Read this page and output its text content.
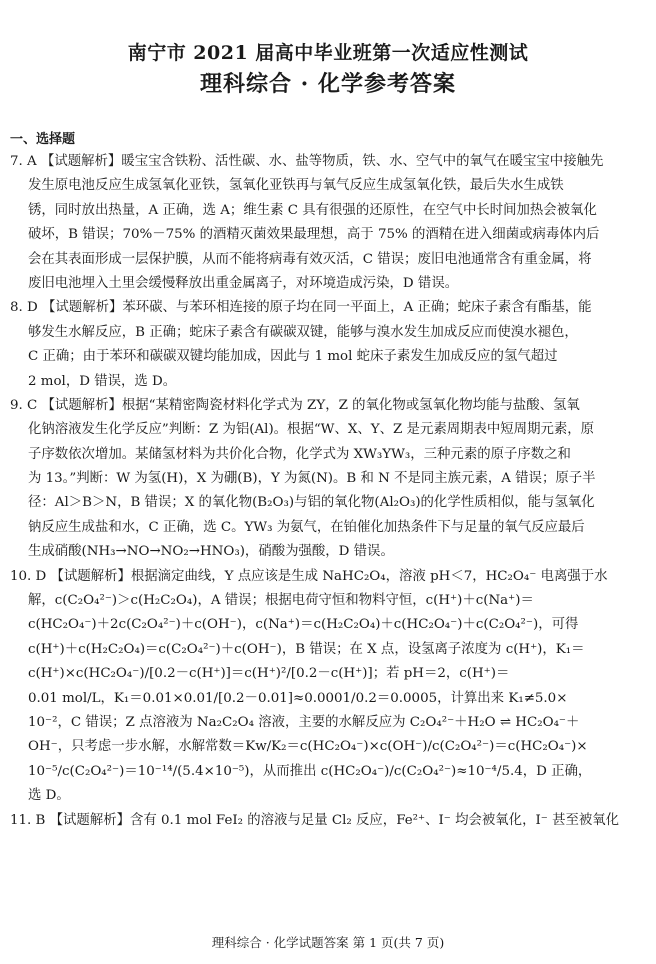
南宁市 2021 届高中毕业班第一次适应性测试
理科综合 · 化学参考答案
一、选择题
7. A 【试题解析】暖宝宝含铁粉、活性碳、水、盐等物质，铁、水、空气中的氧气在暖宝宝中接触先
发生原电池反应生成氢氧化亚铁，氢氧化亚铁再与氧气反应生成氢氧化铁，最后失水生成铁
锈，同时放出热量，A 正确，选 A；维生素 C 具有很强的还原性，在空气中长时间加热会被氧化
破坏，B 错误；70%－75% 的酒精灭菌效果最理想，高于 75% 的酒精在进入细菌或病毒体内后
会在其表面形成一层保护膜，从而不能将病毒有效灭活，C 错误；废旧电池通常含有重金属，将
废旧电池埋入土里会缓慢释放出重金属离子，对环境造成污染，D 错误。
8. D 【试题解析】苯环碳、与苯环相连接的原子均在同一平面上，A 正确；蛇床子素含有酯基，能
够发生水解反应，B 正确；蛇床子素含有碳碳双键，能够与溴水发生加成反应而使溴水褪色，
C 正确；由于苯环和碳碳双键均能加成，因此与 1 mol 蛇床子素发生加成反应的氢气超过
2 mol，D 错误，选 D。
9. C 【试题解析】根据“某精密陶瓷材料化学式为 ZY，Z 的氧化物或氢氧化物均能与盐酸、氢氧
化钠溶液发生化学反应”判断：Z 为铝(Al)。根据“W、X、Y、Z 是元素周期表中短周期元素，原
子序数依次增加。某储氢材料为共价化合物，化学式为 XW₃YW₃，三种元素的原子序数之和
为 13。”判断：W 为氢(H)，X 为硼(B)，Y 为氮(N)。B 和 N 不是同主族元素，A 错误；原子半
径：Al＞B＞N，B 错误；X 的氧化物(B₂O₃)与铝的氧化物(Al₂O₃)的化学性质相似，能与氢氧化
钠反应生成盐和水，C 正确，选 C。YW₃ 为氨气，在铂催化加热条件下与足量的氧气反应最后
生成硝酸(NH₃→NO→NO₂→HNO₃)，硝酸为强酸，D 错误。
10. D 【试题解析】根据滴定曲线，Y 点应该是生成 NaHC₂O₄，溶液 pH＜7，HC₂O₄⁻ 电离强于水
解，c(C₂O₄²⁻)＞c(H₂C₂O₄)，A 错误；根据电荷守恒和物料守恒，c(H⁺)＋c(Na⁺)＝
c(HC₂O₄⁻)＋2c(C₂O₄²⁻)＋c(OH⁻)，c(Na⁺)＝c(H₂C₂O₄)＋c(HC₂O₄⁻)＋c(C₂O₄²⁻)，可得
c(H⁺)＋c(H₂C₂O₄)＝c(C₂O₄²⁻)＋c(OH⁻)，B 错误；在 X 点，设氢离子浓度为 c(H⁺)，K₁＝
c(H⁺)×c(HC₂O₄⁻)/[0.2－c(H⁺)]＝c(H⁺)²/[0.2－c(H⁺)]；若 pH＝2，c(H⁺)＝
0.01 mol/L，K₁＝0.01×0.01/[0.2－0.01]≈0.0001/0.2＝0.0005，计算出来 K₁≠5.0×
10⁻²，C 错误；Z 点溶液为 Na₂C₂O₄ 溶液，主要的水解反应为 C₂O₄²⁻＋H₂O ⇌ HC₂O₄⁻＋
OH⁻，只考虑一步水解，水解常数＝Kw/K₂＝c(HC₂O₄⁻)×c(OH⁻)/c(C₂O₄²⁻)＝c(HC₂O₄⁻)×
10⁻⁵/c(C₂O₄²⁻)＝10⁻¹⁴/(5.4×10⁻⁵)，从而推出 c(HC₂O₄⁻)/c(C₂O₄²⁻)≈10⁻⁴/5.4，D 正确，
选 D。
11. B 【试题解析】含有 0.1 mol FeI₂ 的溶液与足量 Cl₂ 反应，Fe²⁺、I⁻ 均会被氧化，I⁻ 甚至被氧化
理科综合 · 化学试题答案 第 1 页(共 7 页)
